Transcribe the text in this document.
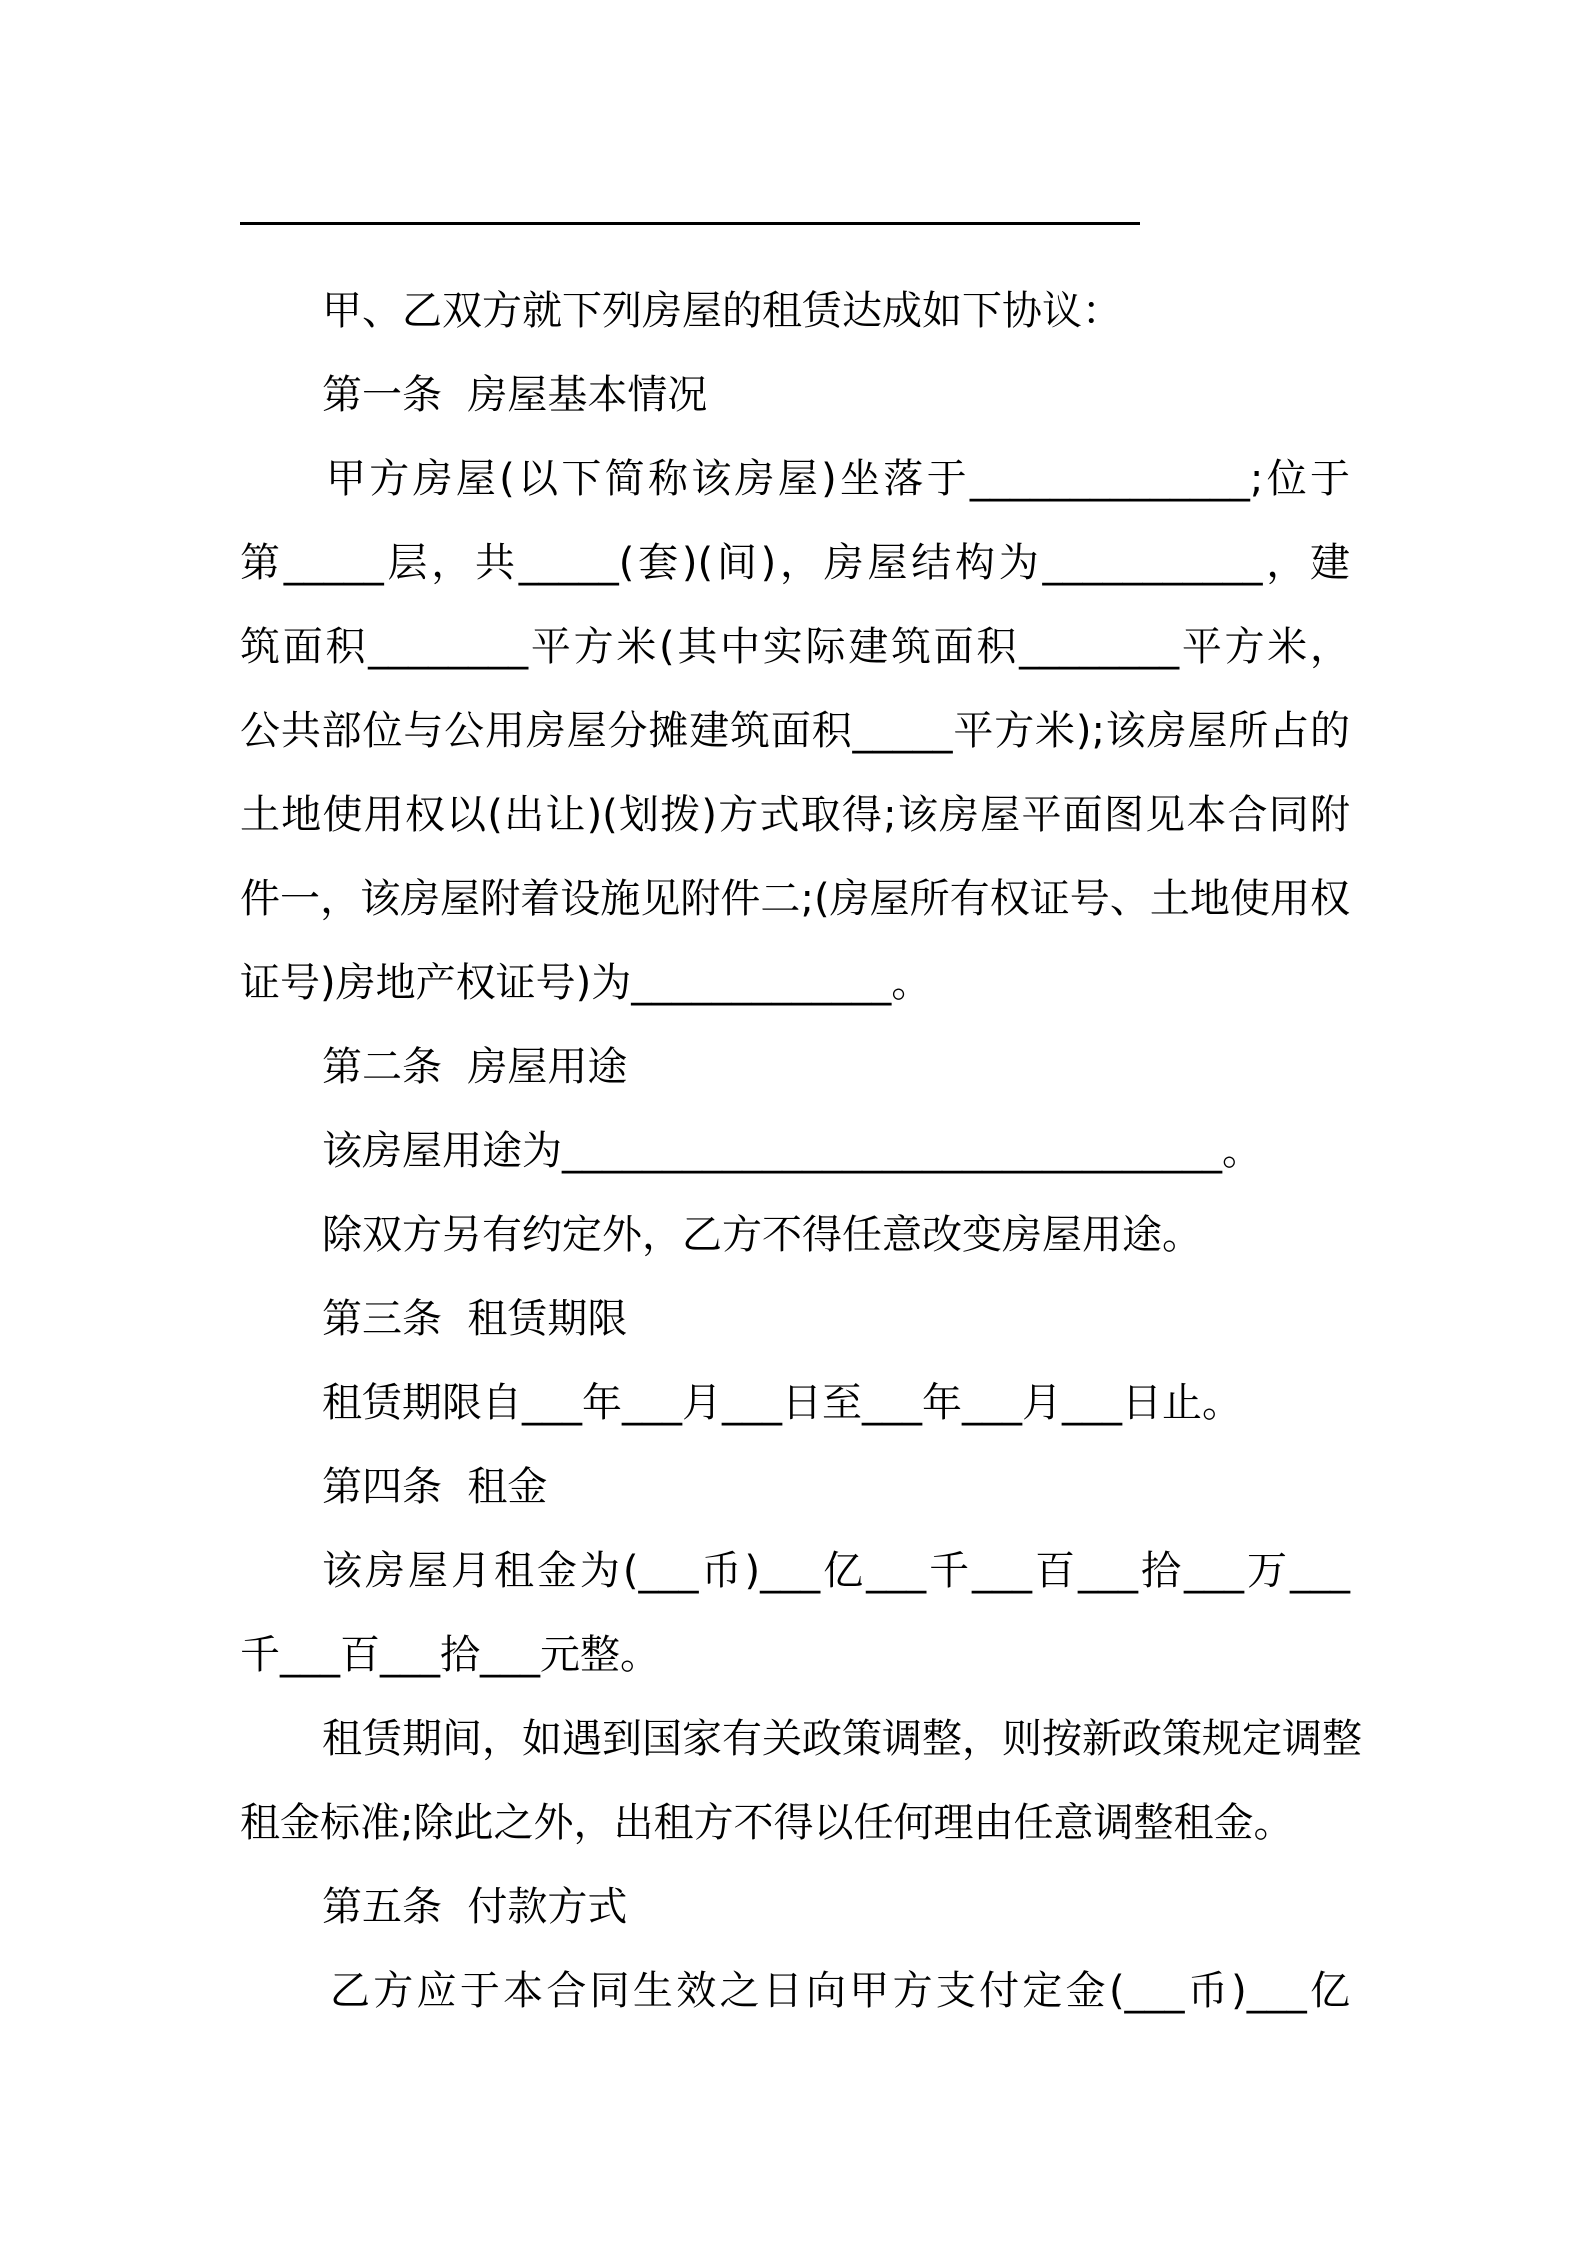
甲、乙双方就下列房屋的租赁达成如下协议：

第一条  房屋基本情况

甲方房屋(以下简称该房屋)坐落于______________;位于

第_____层，共_____(套)(间)，房屋结构为___________，建

筑面积________平方米(其中实际建筑面积________平方米，

公共部位与公用房屋分摊建筑面积_____平方米);该房屋所占的

土地使用权以(出让)(划拨)方式取得;该房屋平面图见本合同附

件一，该房屋附着设施见附件二;(房屋所有权证号、土地使用权

证号)房地产权证号)为_____________。

第二条  房屋用途

该房屋用途为_________________________________。

除双方另有约定外，乙方不得任意改变房屋用途。

第三条  租赁期限

租赁期限自___年___月___日至___年___月___日止。

第四条  租金

该房屋月租金为(___币)___亿___千___百___拾___万___

千___百___拾___元整。

租赁期间，如遇到国家有关政策调整，则按新政策规定调整

租金标准;除此之外，出租方不得以任何理由任意调整租金。

第五条  付款方式

乙方应于本合同生效之日向甲方支付定金(___币)___亿
